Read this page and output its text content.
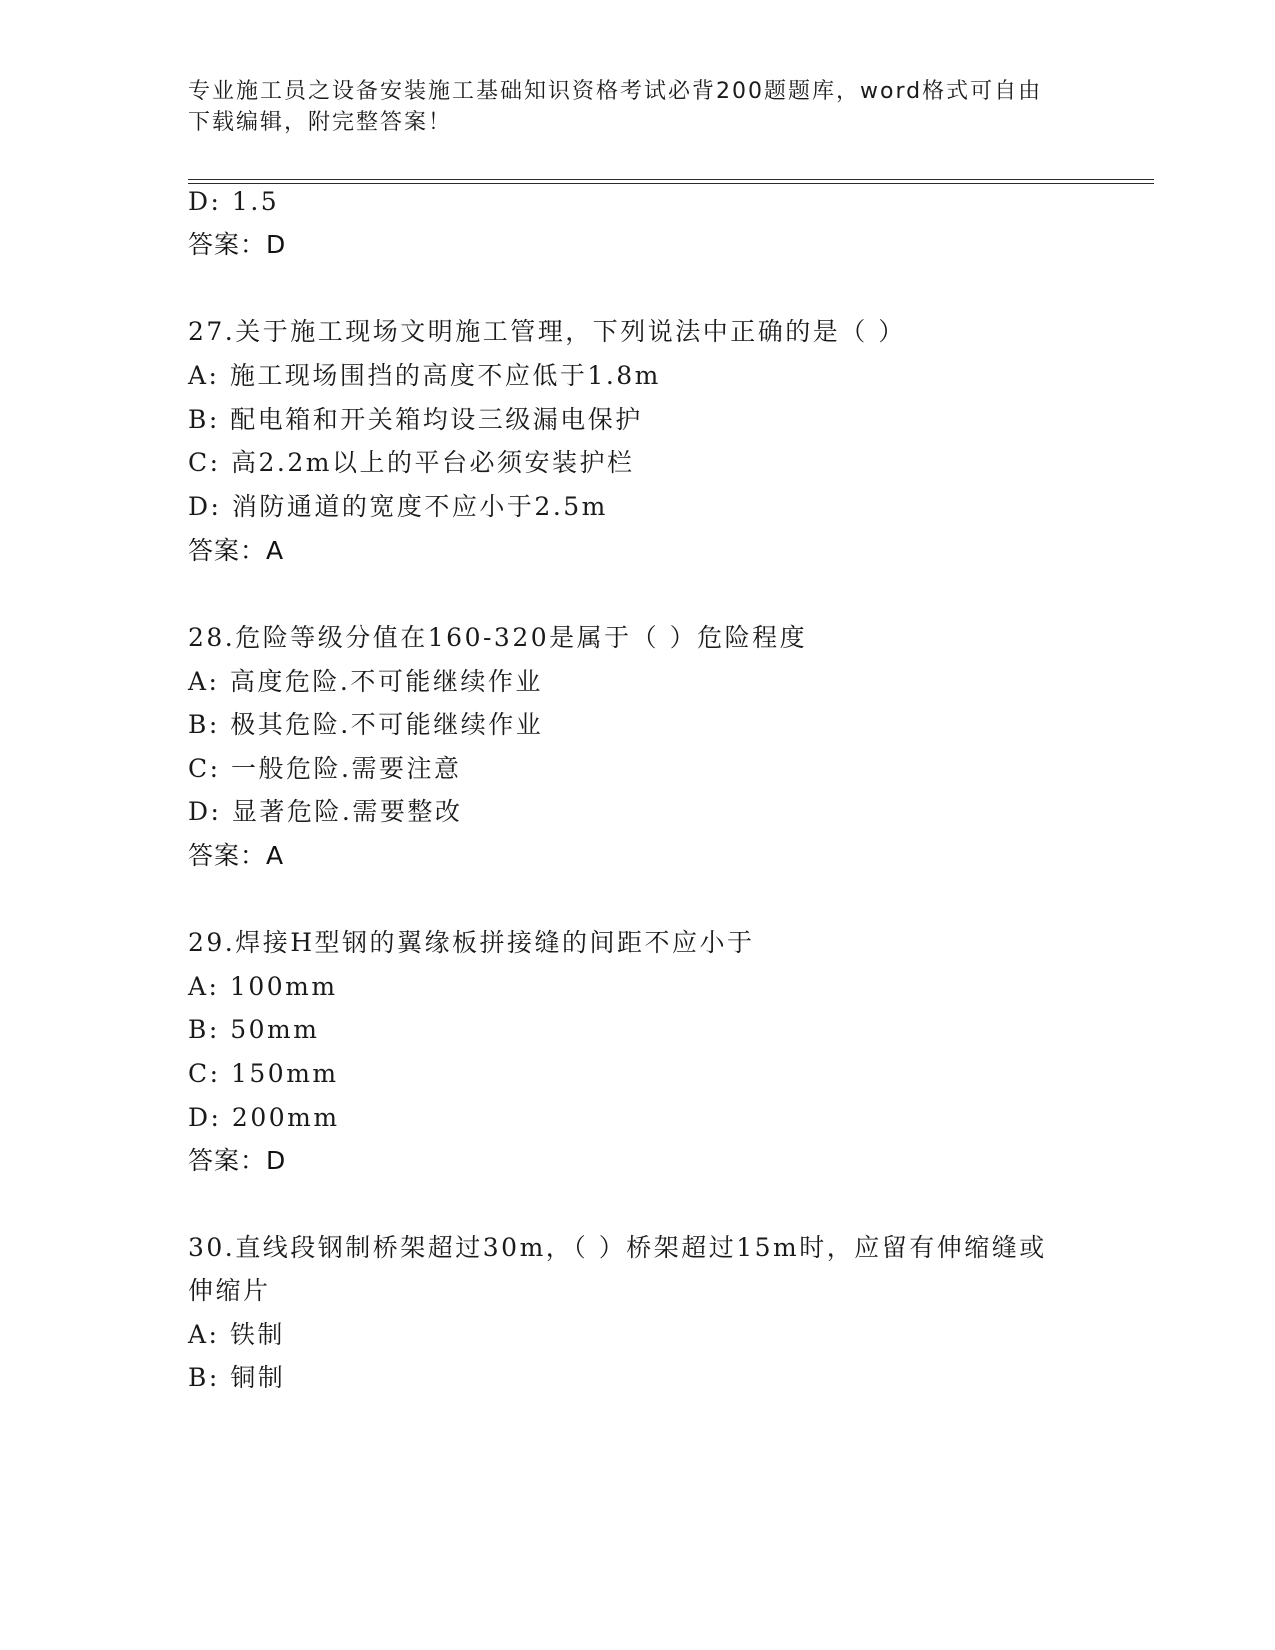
专业施工员之设备安装施工基础知识资格考试必背200题题库，word格式可自由
下载编辑，附完整答案！
D: 1.5
答案：D
27.关于施工现场文明施工管理，下列说法中正确的是（ ）
A: 施工现场围挡的高度不应低于1.8m
B: 配电箱和开关箱均设三级漏电保护
C: 高2.2m以上的平台必须安装护栏
D: 消防通道的宽度不应小于2.5m
答案：A
28.危险等级分值在160-320是属于（ ）危险程度
A: 高度危险.不可能继续作业
B: 极其危险.不可能继续作业
C: 一般危险.需要注意
D: 显著危险.需要整改
答案：A
29.焊接H型钢的翼缘板拼接缝的间距不应小于
A: 100mm
B: 50mm
C: 150mm
D: 200mm
答案：D
30.直线段钢制桥架超过30m，（ ）桥架超过15m时，应留有伸缩缝或
伸缩片
A: 铁制
B: 铜制
